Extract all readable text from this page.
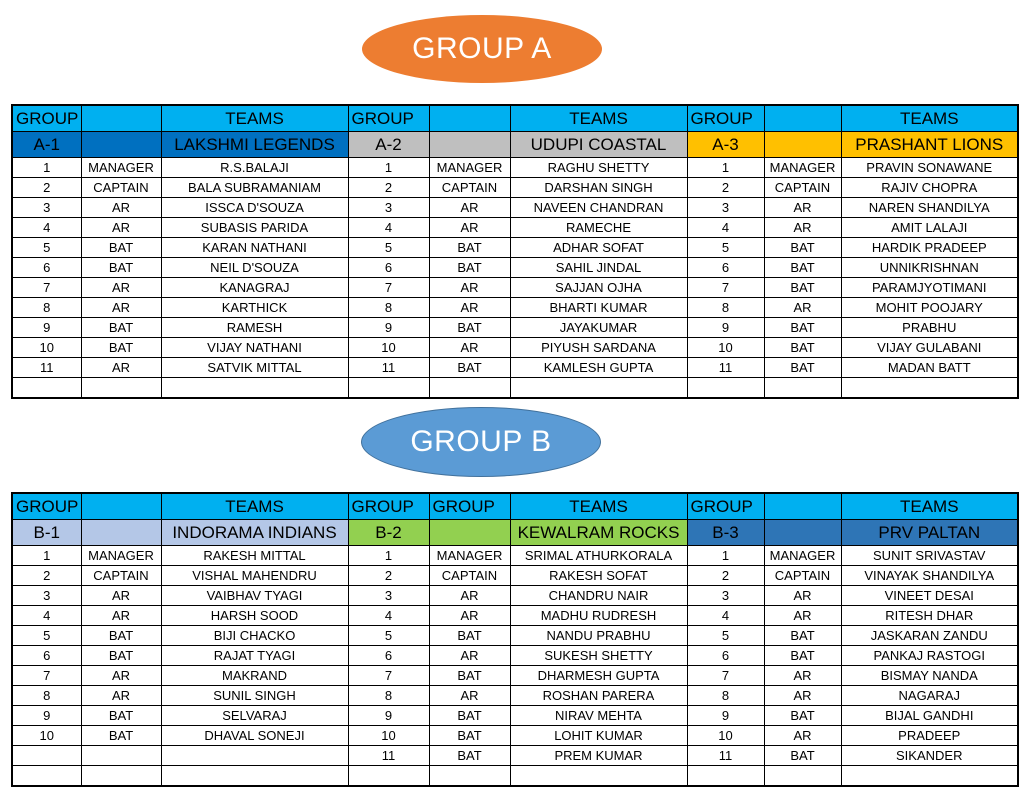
GROUP A
GROUP		TEAMS	GROUP		TEAMS	GROUP		TEAMS
A-1		LAKSHMI LEGENDS	A-2		UDUPI COASTAL	A-3		PRASHANT LIONS
1	MANAGER	R.S.BALAJI	1	MANAGER	RAGHU SHETTY	1	MANAGER	PRAVIN SONAWANE
2	CAPTAIN	BALA SUBRAMANIAM	2	CAPTAIN	DARSHAN SINGH	2	CAPTAIN	RAJIV CHOPRA
3	AR	ISSCA D'SOUZA	3	AR	NAVEEN CHANDRAN	3	AR	NAREN SHANDILYA
4	AR	SUBASIS PARIDA	4	AR	RAMECHE	4	AR	AMIT LALAJI
5	BAT	KARAN NATHANI	5	BAT	ADHAR SOFAT	5	BAT	HARDIK PRADEEP
6	BAT	NEIL D'SOUZA	6	BAT	SAHIL JINDAL	6	BAT	UNNIKRISHNAN
7	AR	KANAGRAJ	7	AR	SAJJAN OJHA	7	BAT	PARAMJYOTIMANI
8	AR	KARTHICK	8	AR	BHARTI KUMAR	8	AR	MOHIT POOJARY
9	BAT	RAMESH	9	BAT	JAYAKUMAR	9	BAT	PRABHU
10	BAT	VIJAY NATHANI	10	AR	PIYUSH SARDANA	10	BAT	VIJAY GULABANI
11	AR	SATVIK MITTAL	11	BAT	KAMLESH GUPTA	11	BAT	MADAN BATT

GROUP B
GROUP		TEAMS	GROUP	GROUP	TEAMS	GROUP		TEAMS
B-1		INDORAMA INDIANS	B-2		KEWALRAM ROCKS	B-3		PRV PALTAN
1	MANAGER	RAKESH MITTAL	1	MANAGER	SRIMAL ATHURKORALA	1	MANAGER	SUNIT SRIVASTAV
2	CAPTAIN	VISHAL MAHENDRU	2	CAPTAIN	RAKESH SOFAT	2	CAPTAIN	VINAYAK SHANDILYA
3	AR	VAIBHAV TYAGI	3	AR	CHANDRU NAIR	3	AR	VINEET DESAI
4	AR	HARSH SOOD	4	AR	MADHU RUDRESH	4	AR	RITESH DHAR
5	BAT	BIJI CHACKO	5	BAT	NANDU PRABHU	5	BAT	JASKARAN ZANDU
6	BAT	RAJAT TYAGI	6	AR	SUKESH SHETTY	6	BAT	PANKAJ RASTOGI
7	AR	MAKRAND	7	BAT	DHARMESH GUPTA	7	AR	BISMAY NANDA
8	AR	SUNIL SINGH	8	AR	ROSHAN PARERA	8	AR	NAGARAJ
9	BAT	SELVARAJ	9	BAT	NIRAV MEHTA	9	BAT	BIJAL GANDHI
10	BAT	DHAVAL SONEJI	10	BAT	LOHIT KUMAR	10	AR	PRADEEP
			11	BAT	PREM KUMAR	11	BAT	SIKANDER
